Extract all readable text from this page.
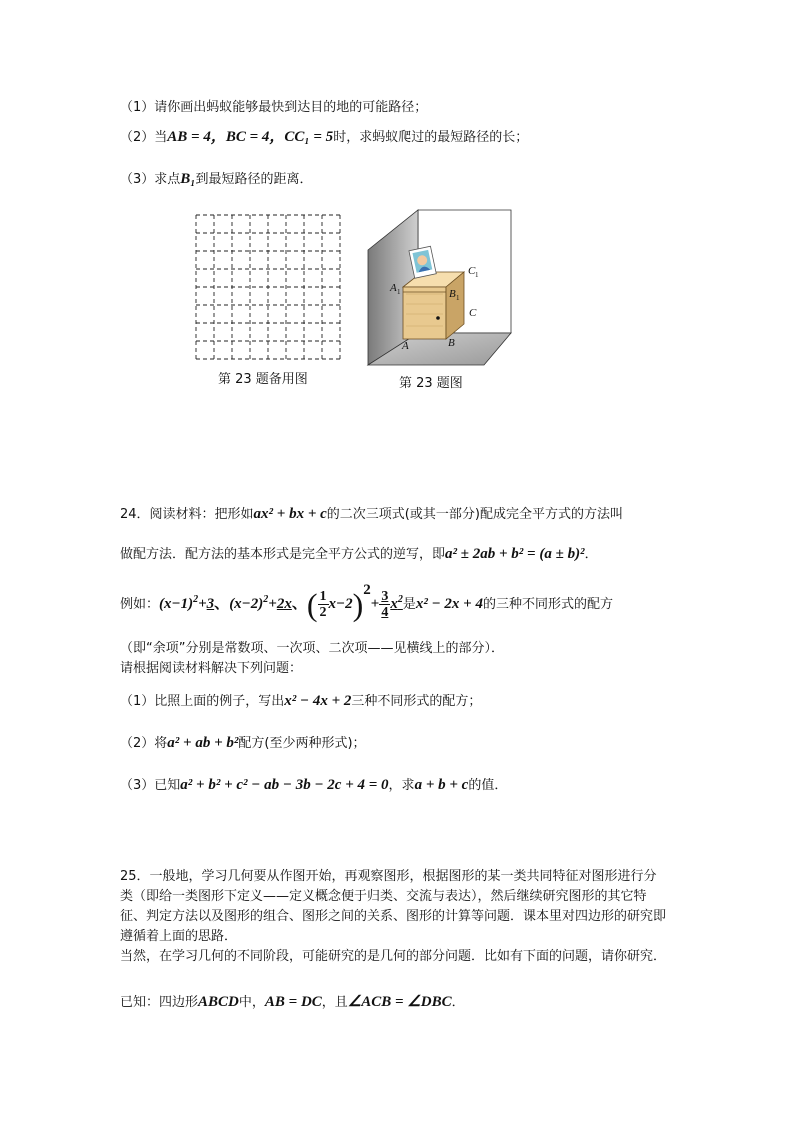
（1）请你画出蚂蚁能够最快到达目的地的可能路径；
（2）当AB = 4，BC = 4，CC₁ = 5时，求蚂蚁爬过的最短路径的长；
（3）求点B₁到最短路径的距离．
第 23 题备用图
A 1	B 1
C 1
C
A	B
第 23 题图
24．阅读材料：把形如ax² + bx + c的二次三项式(或其一部分)配成完全平方式的方法叫
做配方法．配方法的基本形式是完全平方公式的逆写，即a² ± 2ab + b² = (a ± b)²．
例如：$(x-1)^2+3$、$(x-2)^2+2x$、( $\frac{1}{2} x-2)^2+ \frac{3}{4} x^2$是x² − 2x + 4的三种不同形式的配方
（即“余项”分别是常数项、一次项、二次项——见横线上的部分）．
请根据阅读材料解决下列问题：
（1）比照上面的例子，写出x² − 4x + 2三种不同形式的配方；
（2）将a² + ab + b²配方(至少两种形式)；
（3）已知a² + b² + c² − ab − 3b − 2c + 4 = 0，求a + b + c的值．
25．一般地，学习几何要从作图开始，再观察图形，根据图形的某一类共同特征对图形进行分类（即给一类图形下定义——定义概念便于归类、交流与表达），然后继续研究图形的其它特征、判定方法以及图形的组合、图形之间的关系、图形的计算等问题．课本里对四边形的研究即遵循着上面的思路．
当然，在学习几何的不同阶段，可能研究的是几何的部分问题．比如有下面的问题，请你研究．
已知：四边形ABCD中，AB = DC，且∠ACB = ∠DBC．
